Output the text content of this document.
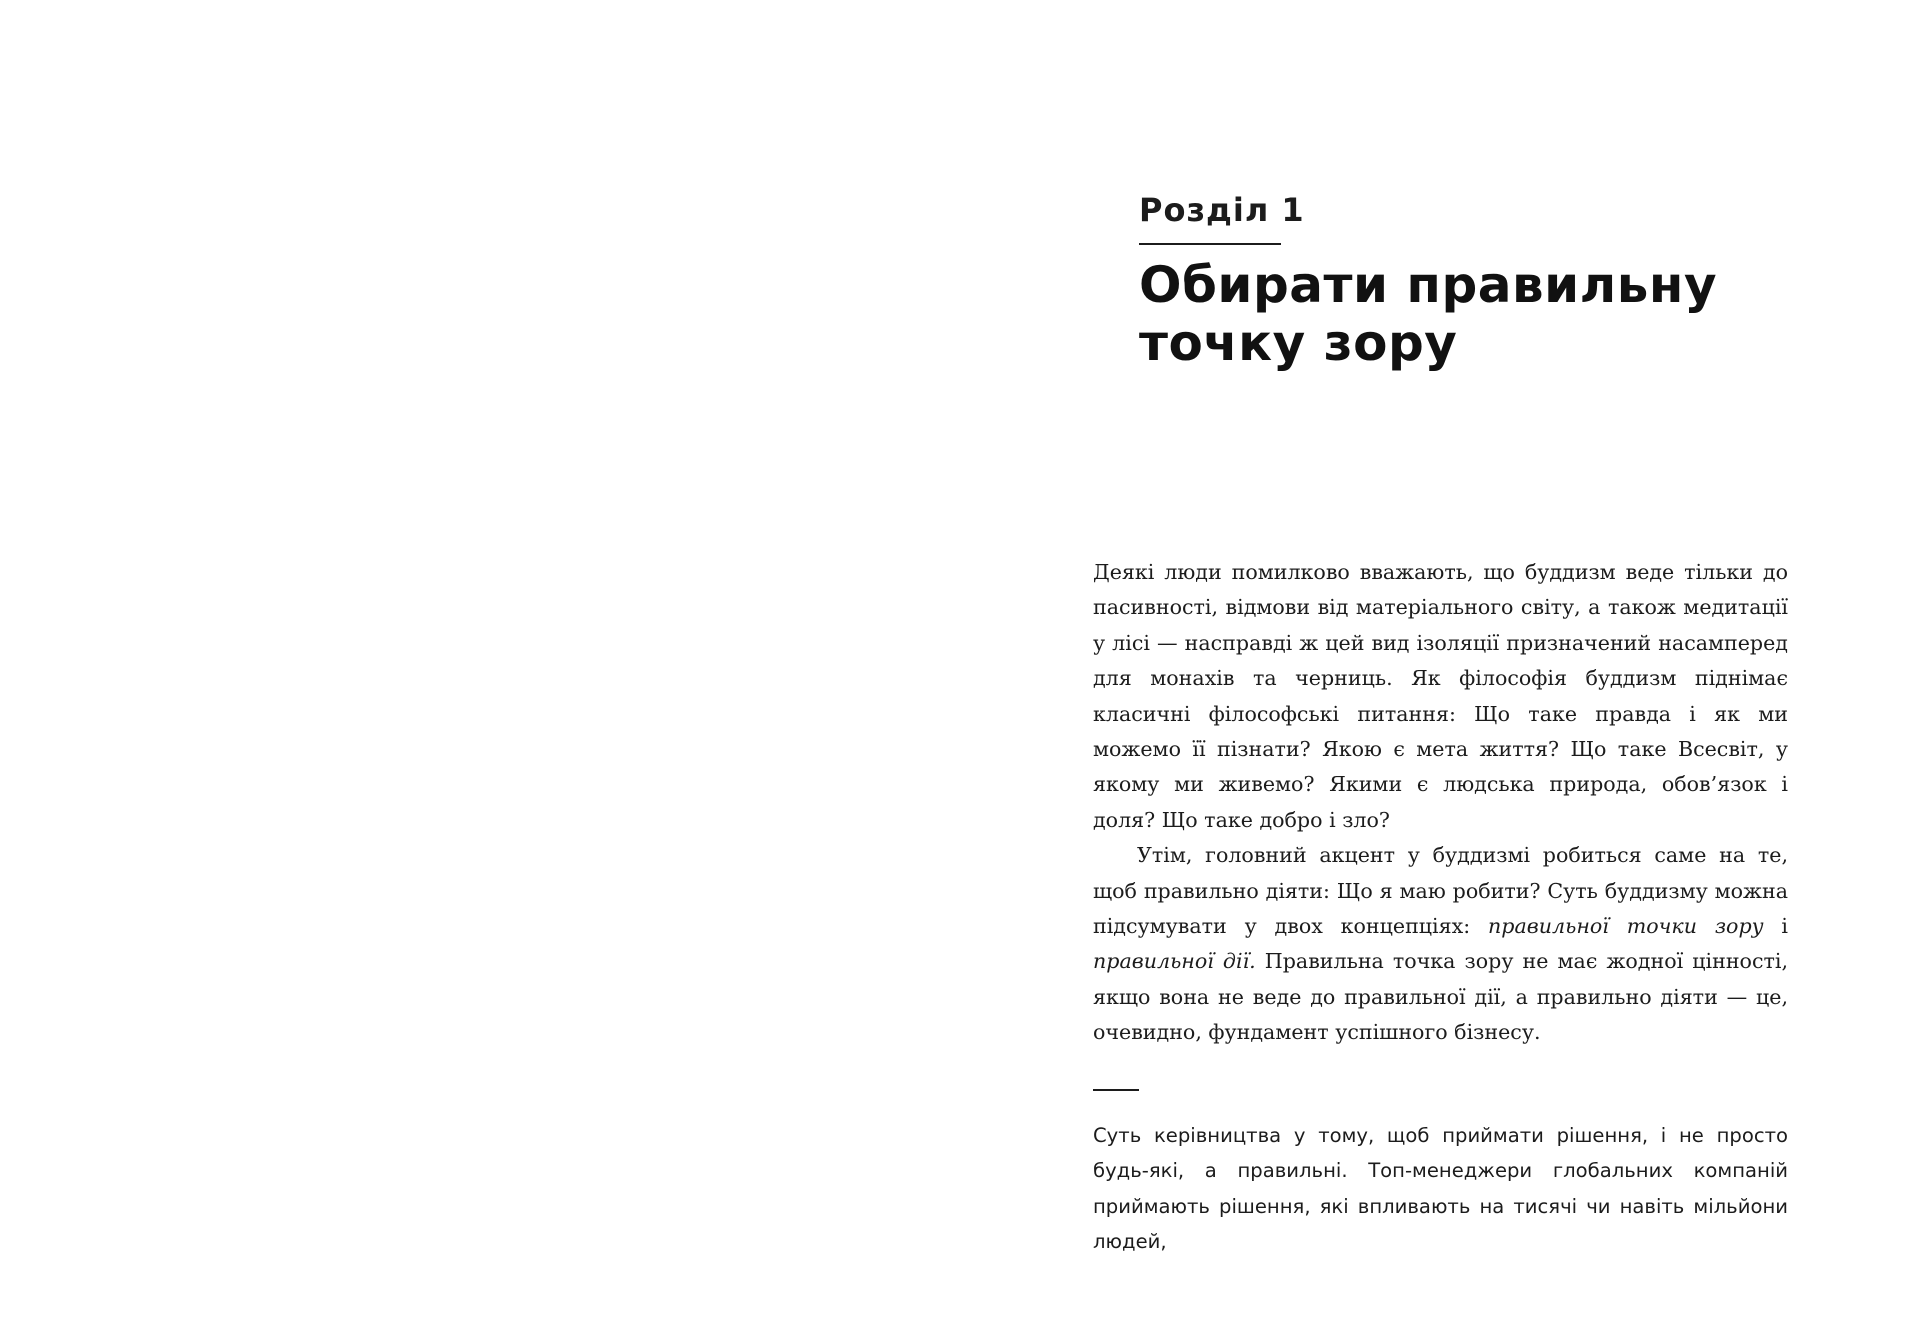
Розділ 1
Обирати правильну точку зору

Деякі люди помилково вважають, що буддизм веде тільки до пасивності, відмови від матеріального світу, а також медитації у лісі — насправді ж цей вид ізоляції призначений насамперед для монахів та черниць. Як філософія буддизм піднімає класичні філософські питання: Що таке правда і як ми можемо її пізнати? Якою є мета життя? Що таке Всесвіт, у якому ми живемо? Якими є людська природа, обов’язок і доля? Що таке добро і зло?

Утім, головний акцент у буддизмі робиться саме на те, щоб правильно діяти: Що я маю робити? Суть буддизму можна підсумувати у двох концепціях: правильної точки зору і правильної дії. Правильна точка зору не має жодної цінності, якщо вона не веде до правильної дії, а правильно діяти — це, очевидно, фундамент успішного бізнесу.

Суть керівництва у тому, щоб приймати рішення, і не просто будь-які, а правильні. Топ-менеджери глобальних компаній приймають рішення, які впливають на тисячі чи навіть мільйони людей,
